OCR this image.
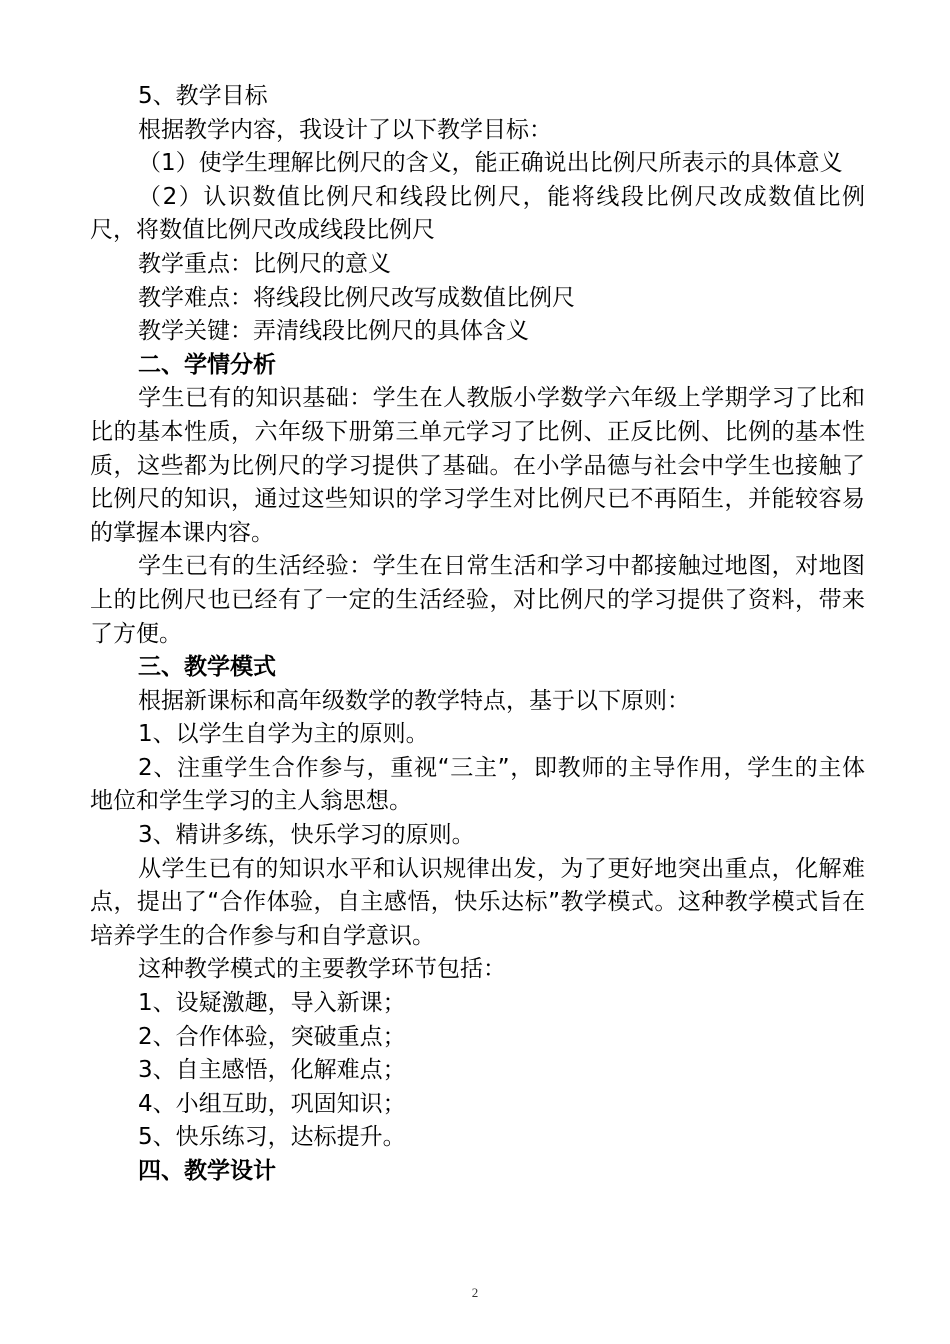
5、教学目标

根据教学内容，我设计了以下教学目标：

（1）使学生理解比例尺的含义，能正确说出比例尺所表示的具体意义

（2）认识数值比例尺和线段比例尺，能将线段比例尺改成数值比例尺，将数值比例尺改成线段比例尺

教学重点：比例尺的意义

教学难点：将线段比例尺改写成数值比例尺

教学关键：弄清线段比例尺的具体含义

二、学情分析

学生已有的知识基础：学生在人教版小学数学六年级上学期学习了比和比的基本性质，六年级下册第三单元学习了比例、正反比例、比例的基本性质，这些都为比例尺的学习提供了基础。在小学品德与社会中学生也接触了比例尺的知识，通过这些知识的学习学生对比例尺已不再陌生，并能较容易的掌握本课内容。

学生已有的生活经验：学生在日常生活和学习中都接触过地图，对地图上的比例尺也已经有了一定的生活经验，对比例尺的学习提供了资料，带来了方便。

三、教学模式

根据新课标和高年级数学的教学特点，基于以下原则：

1、以学生自学为主的原则。

2、注重学生合作参与，重视“三主”，即教师的主导作用，学生的主体地位和学生学习的主人翁思想。

3、精讲多练，快乐学习的原则。

从学生已有的知识水平和认识规律出发，为了更好地突出重点，化解难点，提出了“合作体验，自主感悟，快乐达标”教学模式。这种教学模式旨在培养学生的合作参与和自学意识。

这种教学模式的主要教学环节包括：

1、设疑激趣，导入新课；

2、合作体验，突破重点；

3、自主感悟，化解难点；

4、小组互助，巩固知识；

5、快乐练习，达标提升。

四、教学设计

2
